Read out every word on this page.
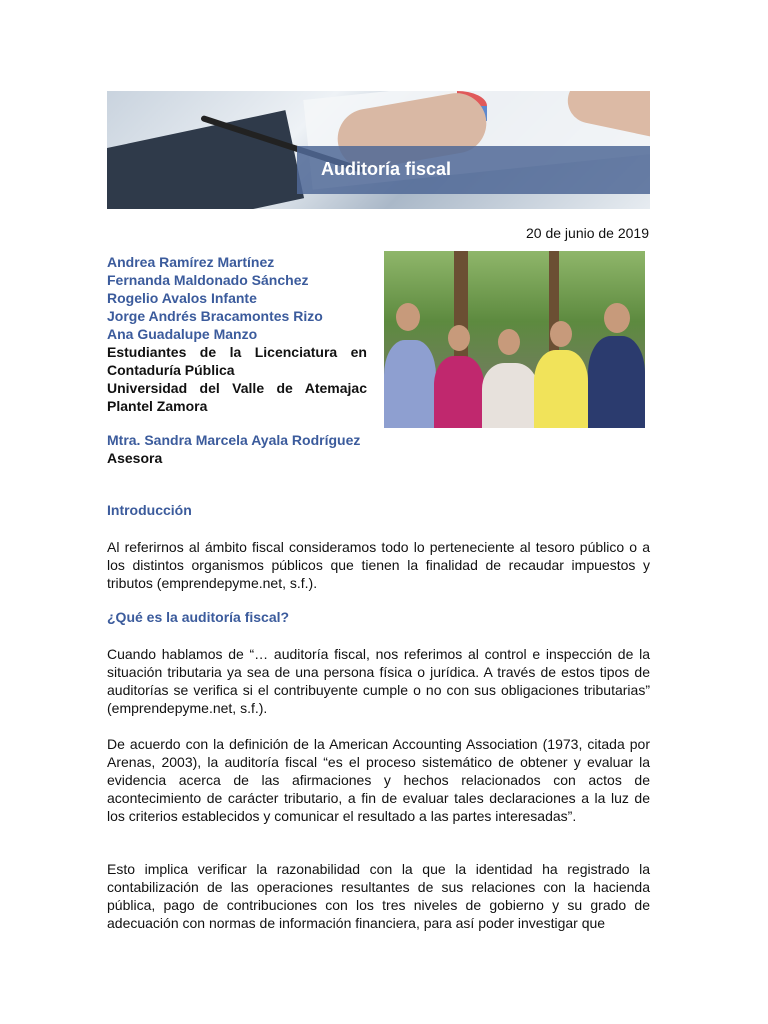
Auditoría fiscal
20 de junio de 2019
Andrea Ramírez Martínez
Fernanda Maldonado Sánchez
Rogelio Avalos Infante
Jorge Andrés Bracamontes Rizo
Ana Guadalupe Manzo
Estudiantes de la Licenciatura en
Contaduría Pública
Universidad del Valle de Atemajac
Plantel Zamora
Mtra. Sandra Marcela Ayala Rodríguez
Asesora
Introducción
Al referirnos al ámbito fiscal consideramos todo lo perteneciente al tesoro público o a los distintos organismos públicos que tienen la finalidad de recaudar impuestos y tributos (emprendepyme.net, s.f.).
¿Qué es la auditoría fiscal?
Cuando hablamos de “… auditoría fiscal, nos referimos al control e inspección de la situación tributaria ya sea de una persona física o jurídica. A través de estos tipos de auditorías se verifica si el contribuyente cumple o no con sus obligaciones tributarias” (emprendepyme.net, s.f.).
De acuerdo con la definición de la American Accounting Association (1973, citada por Arenas, 2003), la auditoría fiscal “es el proceso sistemático de obtener y evaluar la evidencia acerca de las afirmaciones y hechos relacionados con actos de acontecimiento de carácter tributario, a fin de evaluar tales declaraciones a la luz de los criterios establecidos y comunicar el resultado a las partes interesadas”.
Esto implica verificar la razonabilidad con la que la identidad ha registrado la contabilización de las operaciones resultantes de sus relaciones con la hacienda pública, pago de contribuciones con los tres niveles de gobierno y su grado de adecuación con normas de información financiera, para así poder investigar que
